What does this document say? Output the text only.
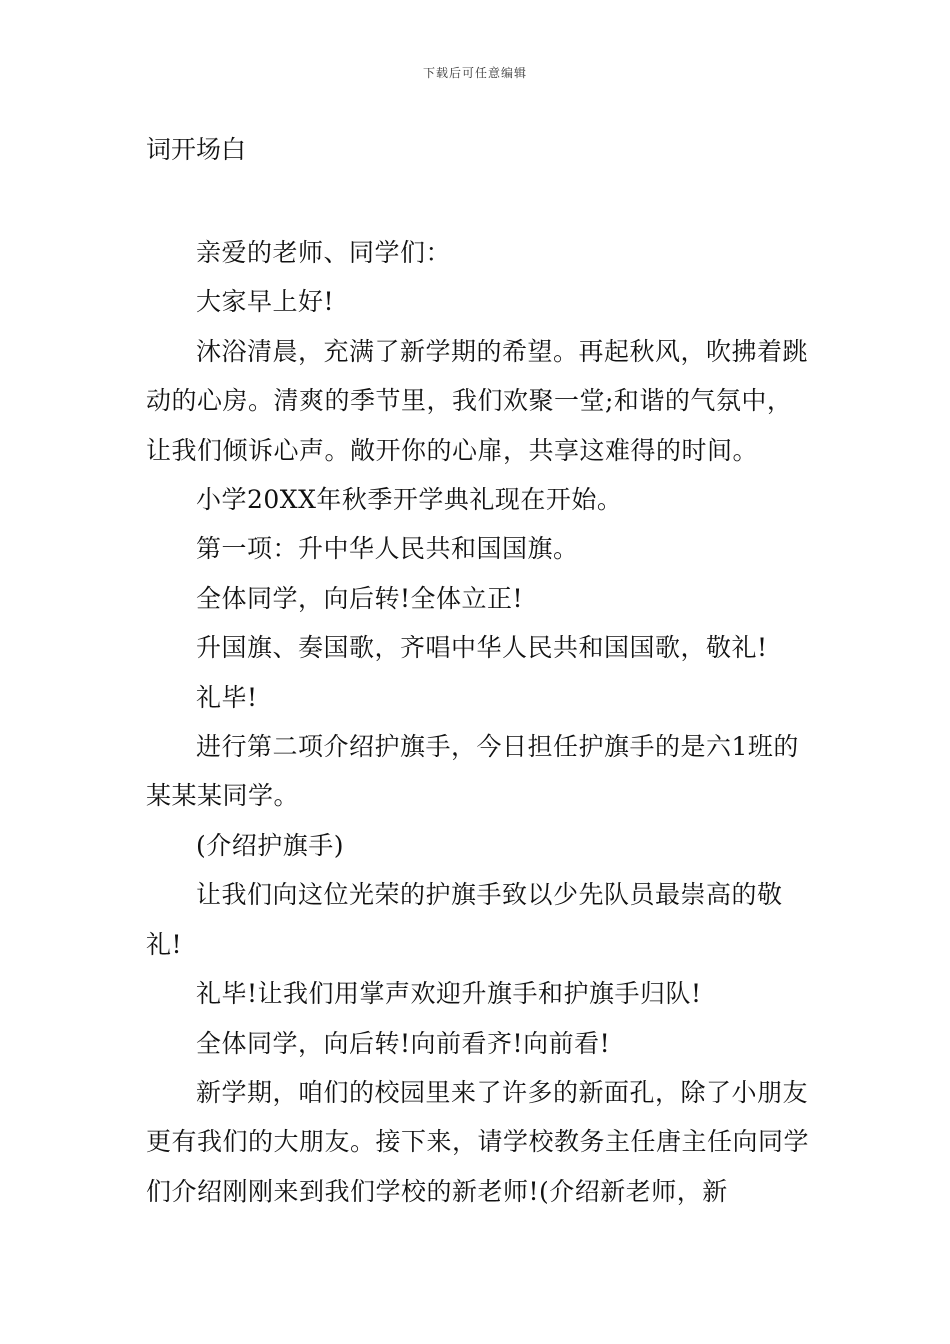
下载后可任意编辑
词开场白

亲爱的老师、同学们：

大家早上好!

沐浴清晨，充满了新学期的希望。再起秋风，吹拂着跳动的心房。清爽的季节里，我们欢聚一堂;和谐的气氛中，让我们倾诉心声。敞开你的心扉，共享这难得的时间。

小学20XX年秋季开学典礼现在开始。

第一项：升中华人民共和国国旗。

全体同学，向后转!全体立正!

升国旗、奏国歌，齐唱中华人民共和国国歌，敬礼!

礼毕!

进行第二项介绍护旗手，今日担任护旗手的是六1班的某某某同学。

(介绍护旗手)

让我们向这位光荣的护旗手致以少先队员最崇高的敬礼!

礼毕!让我们用掌声欢迎升旗手和护旗手归队!

全体同学，向后转!向前看齐!向前看!

新学期，咱们的校园里来了许多的新面孔，除了小朋友更有我们的大朋友。接下来，请学校教务主任唐主任向同学们介绍刚刚来到我们学校的新老师!(介绍新老师，新
